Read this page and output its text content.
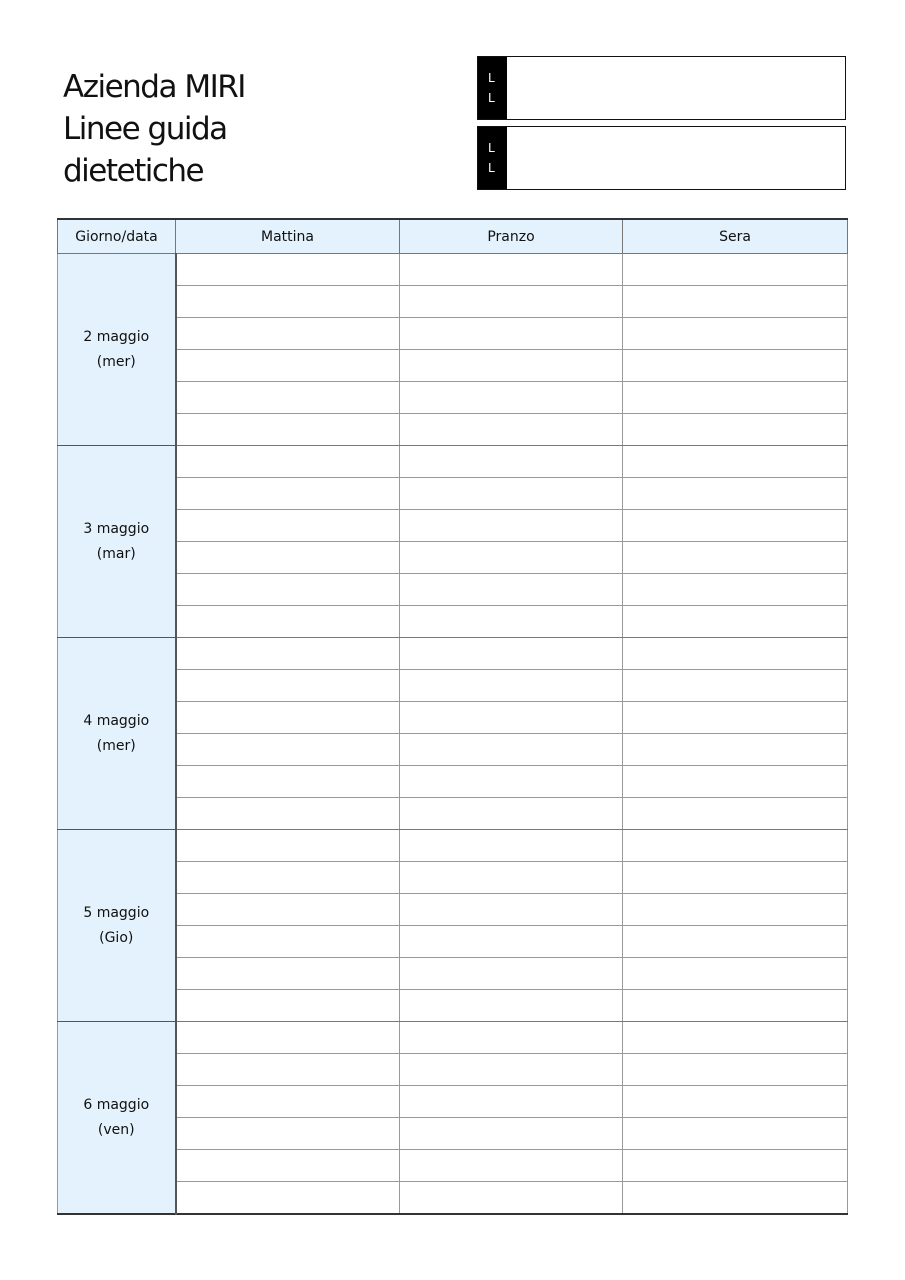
Azienda MIRI
Linee guida
dietetiche
L
L
L
L
Giorno/data	Mattina	Pranzo	Sera

2 maggio
(mer)			

3 maggio
(mar)			

4 maggio
(mer)			

5 maggio
(Gio)			

6 maggio
(ven)			
